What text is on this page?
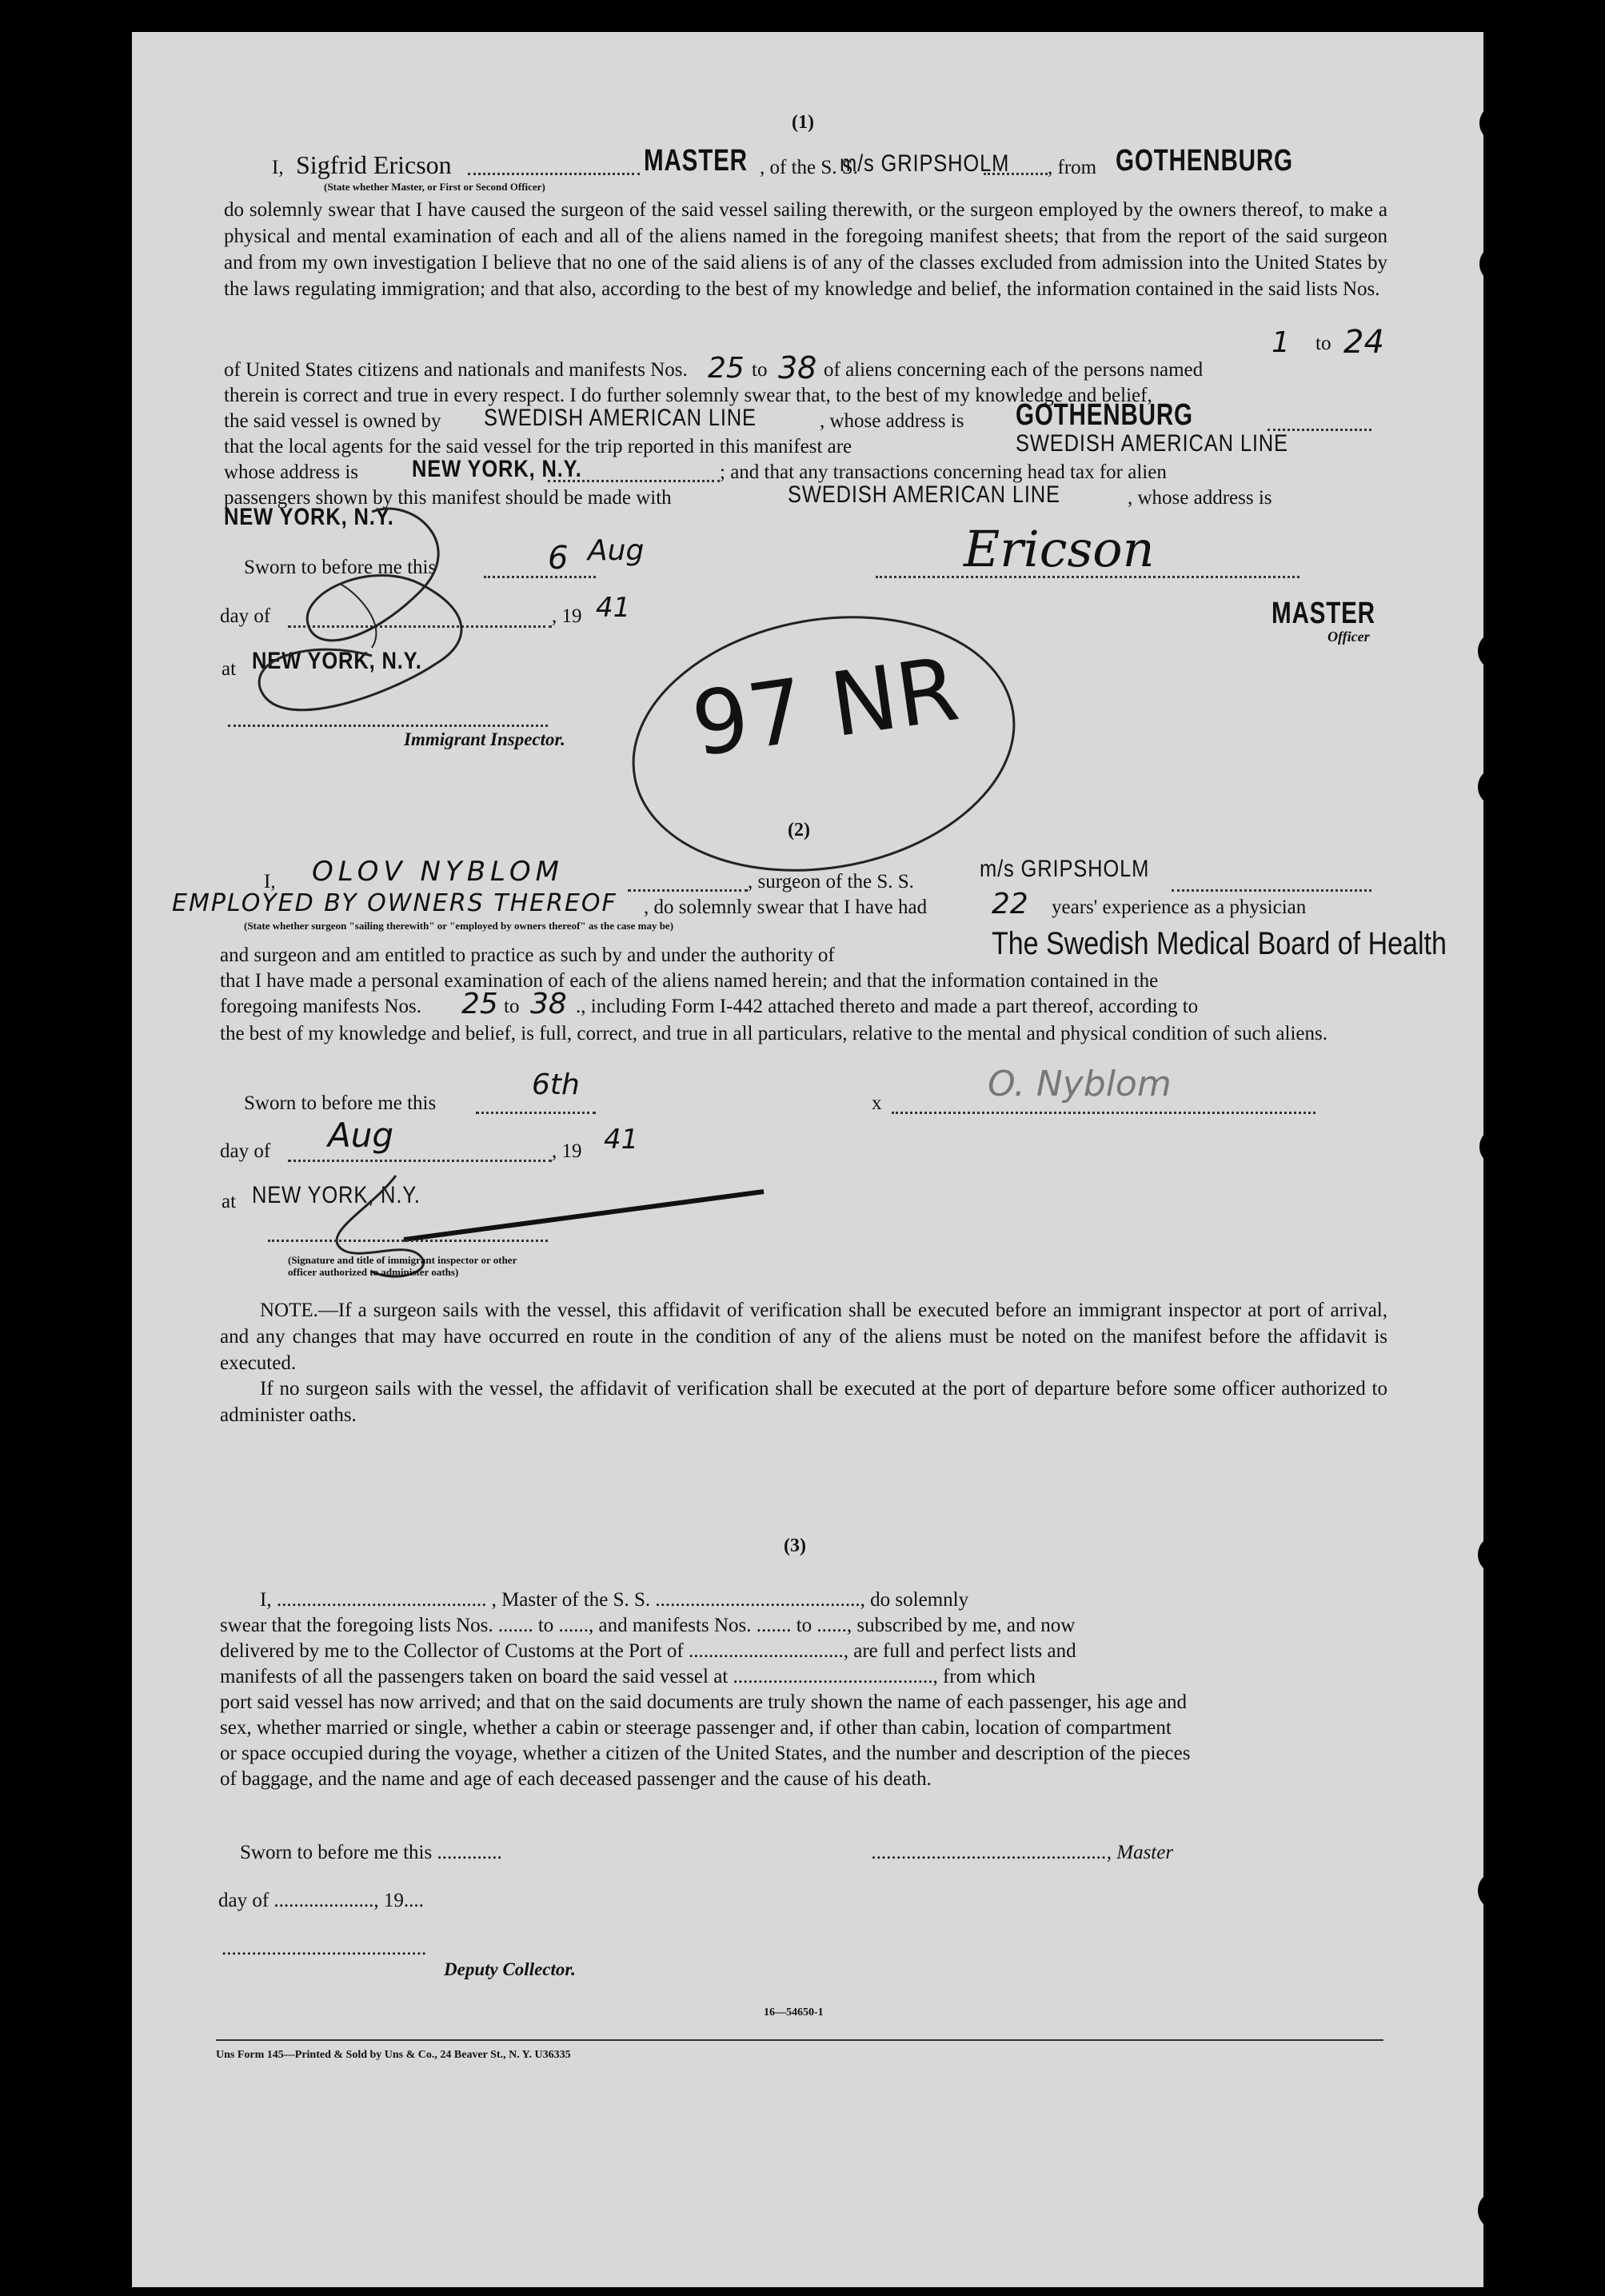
(1)
I, Sigfrid Ericson	MASTER , of the S. S.
m/s GRIPSHOLM , from GOTHENBURG
(State whether Master, or First or Second Officer)
do solemnly swear that I have caused the surgeon of the said vessel sailing therewith, or the surgeon employed by the owners thereof, to make a physical and mental examination of each and all of the aliens named in the foregoing manifest sheets; that from the report of the said surgeon and from my own investigation I believe that no one of the said aliens is of any of the classes excluded from admission into the United States by the laws regulating immigration; and that also, according to the best of my knowledge and belief, the information contained in the said lists Nos.
1 to 24
of United States citizens and nationals and manifests Nos. 25 to 38 of aliens concerning each of the persons named
therein is correct and true in every respect. I do further solemnly swear that, to the best of my knowledge and belief,
the said vessel is owned by SWEDISH AMERICAN LINE	, whose address is GOTHENBURG
that the local agents for the said vessel for the trip reported in this manifest are	SWEDISH AMERICAN LINE
whose address is NEW YORK, N.Y.	; and that any transactions concerning head tax for alien
passengers shown by this manifest should be made with	SWEDISH AMERICAN LINE	, whose address is
NEW YORK, N.Y.
Sworn to before me this	6 Aug	Ericson
day of	, 19 41	MASTER
Officer
at NEW YORK, N.Y.
Immigrant Inspector. 97 NR
(2)
I, OLOV NYBLOM	, surgeon of the S. S.	m/s GRIPSHOLM
EMPLOYED BY OWNERS THEREOF , do solemnly swear that I have had 22 years' experience as a physician
(State whether surgeon "sailing therewith" or "employed by owners thereof" as the case may be)
and surgeon and am entitled to practice as such by and under the authority of	The Swedish Medical Board of Health
that I have made a personal examination of each of the aliens named herein; and that the information contained in the
foregoing manifests Nos. 25 to 38 ., including Form I-442 attached thereto and made a part thereof, according to
the best of my knowledge and belief, is full, correct, and true in all particulars, relative to the mental and physical condition of such aliens.
Sworn to before me this
6th
x	O. Nyblom
day of Aug	, 19 41
at NEW YORK, N.Y.
(Signature and title of immigrant inspector or other officer authorized to administer oaths)
NOTE.—If a surgeon sails with the vessel, this affidavit of verification shall be executed before an immigrant inspector at port of arrival, and any changes that may have occurred en route in the condition of any of the aliens must be noted on the manifest before the affidavit is executed.
If no surgeon sails with the vessel, the affidavit of verification shall be executed at the port of departure before some officer authorized to administer oaths.
(3)
I, .......................................... , Master of the S. S. ........................................., do solemnly
swear that the foregoing lists Nos. ....... to ......, and manifests Nos. ....... to ......, subscribed by me, and now
delivered by me to the Collector of Customs at the Port of ..............................., are full and perfect lists and
manifests of all the passengers taken on board the said vessel at ........................................, from which
port said vessel has now arrived; and that on the said documents are truly shown the name of each passenger, his age and
sex, whether married or single, whether a cabin or steerage passenger and, if other than cabin, location of compartment
or space occupied during the voyage, whether a citizen of the United States, and the number and description of the pieces
of baggage, and the name and age of each deceased passenger and the cause of his death.
Sworn to before me this .............	..............................................., Master
day of ...................., 19....
.........................................
Deputy Collector.
16—54650-1
Uns Form 145—Printed & Sold by Uns & Co., 24 Beaver St., N. Y. U36335
